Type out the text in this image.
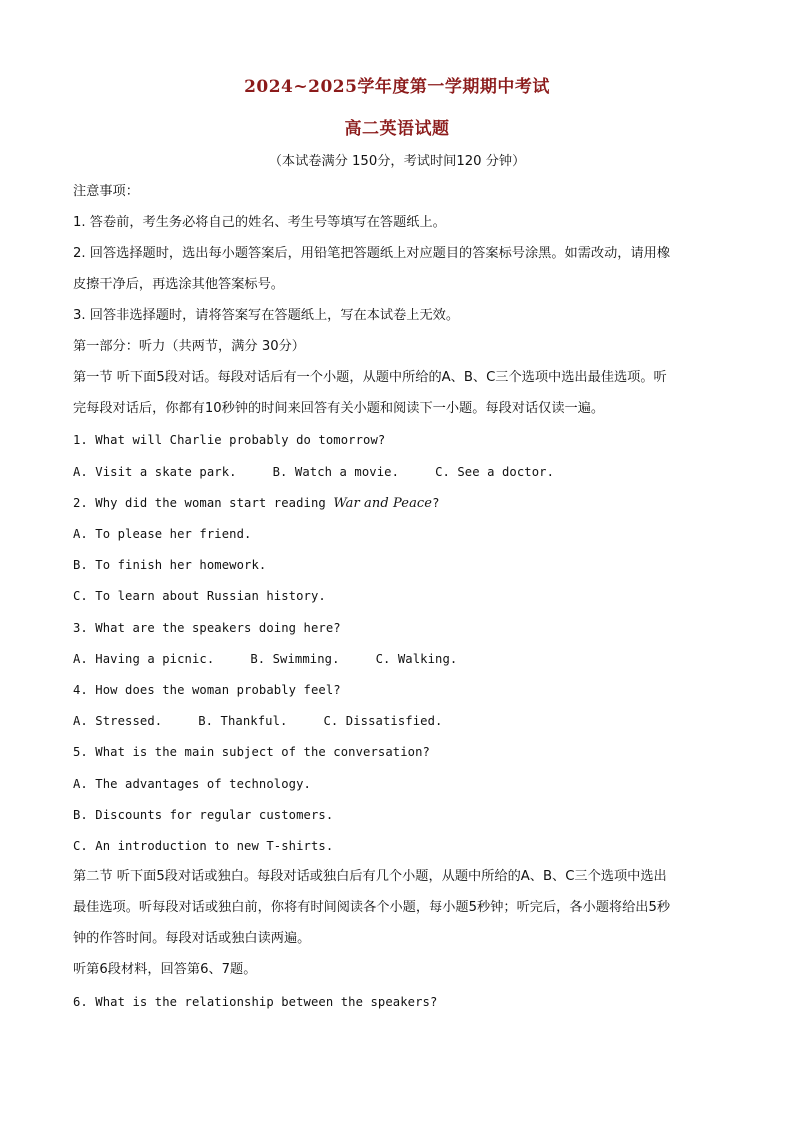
2024~2025学年度第一学期期中考试
高二英语试题
（本试卷满分 150分，考试时间120 分钟）
注意事项：
1. 答卷前，考生务必将自己的姓名、考生号等填写在答题纸上。
2. 回答选择题时，选出每小题答案后，用铅笔把答题纸上对应题目的答案标号涂黑。如需改动，请用橡
皮擦干净后，再选涂其他答案标号。
3. 回答非选择题时，请将答案写在答题纸上，写在本试卷上无效。
第一部分：听力（共两节，满分 30分）
第一节 听下面5段对话。每段对话后有一个小题，从题中所给的A、B、C三个选项中选出最佳选项。听
完每段对话后，你都有10秒钟的时间来回答有关小题和阅读下一小题。每段对话仅读一遍。
1. What will Charlie probably do tomorrow?
A. Visit a skate park.	B. Watch a movie.	C. See a doctor.
2. Why did the woman start reading War and Peace?
A. To please her friend.
B. To finish her homework.
C. To learn about Russian history.
3. What are the speakers doing here?
A. Having a picnic.	B. Swimming.	C. Walking.
4. How does the woman probably feel?
A. Stressed.	B. Thankful.	C. Dissatisfied.
5. What is the main subject of the conversation?
A. The advantages of technology.
B. Discounts for regular customers.
C. An introduction to new T-shirts.
第二节 听下面5段对话或独白。每段对话或独白后有几个小题，从题中所给的A、B、C三个选项中选出
最佳选项。听每段对话或独白前，你将有时间阅读各个小题，每小题5秒钟；听完后，各小题将给出5秒
钟的作答时间。每段对话或独白读两遍。
听第6段材料，回答第6、7题。
6. What is the relationship between the speakers?
